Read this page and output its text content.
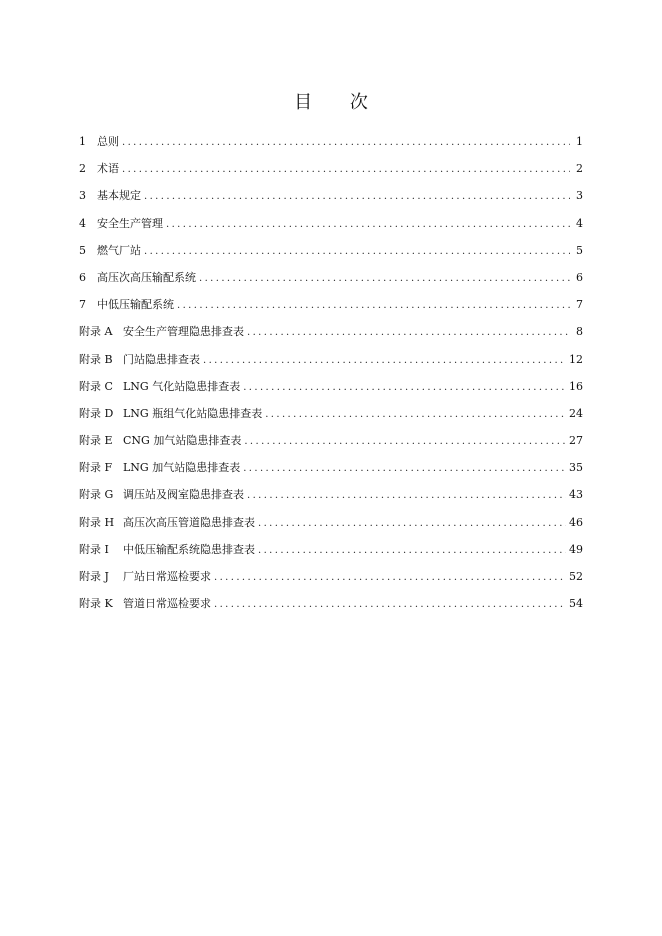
目 次
1	总则 .....	1
2	术语 .....	2
3	基本规定 .....	3
4	安全生产管理 .....	4
5	燃气厂站 .....	5
6	高压次高压输配系统 .....	6
7	中低压输配系统 .....	7
附录 A 安全生产管理隐患排查表 .....	8
附录 B 门站隐患排查表 .....	12
附录 C LNG 气化站隐患排查表 .....	16
附录 D LNG 瓶组气化站隐患排查表 .....	24
附录 E CNG 加气站隐患排查表 .....	27
附录 F LNG 加气站隐患排查表 .....	35
附录 G 调压站及阀室隐患排查表 .....	43
附录 H 高压次高压管道隐患排查表 .....	46
附录 I	中低压输配系统隐患排查表 .....	49
附录 J	厂站日常巡检要求 .....	52
附录 K 管道日常巡检要求 .....	54
